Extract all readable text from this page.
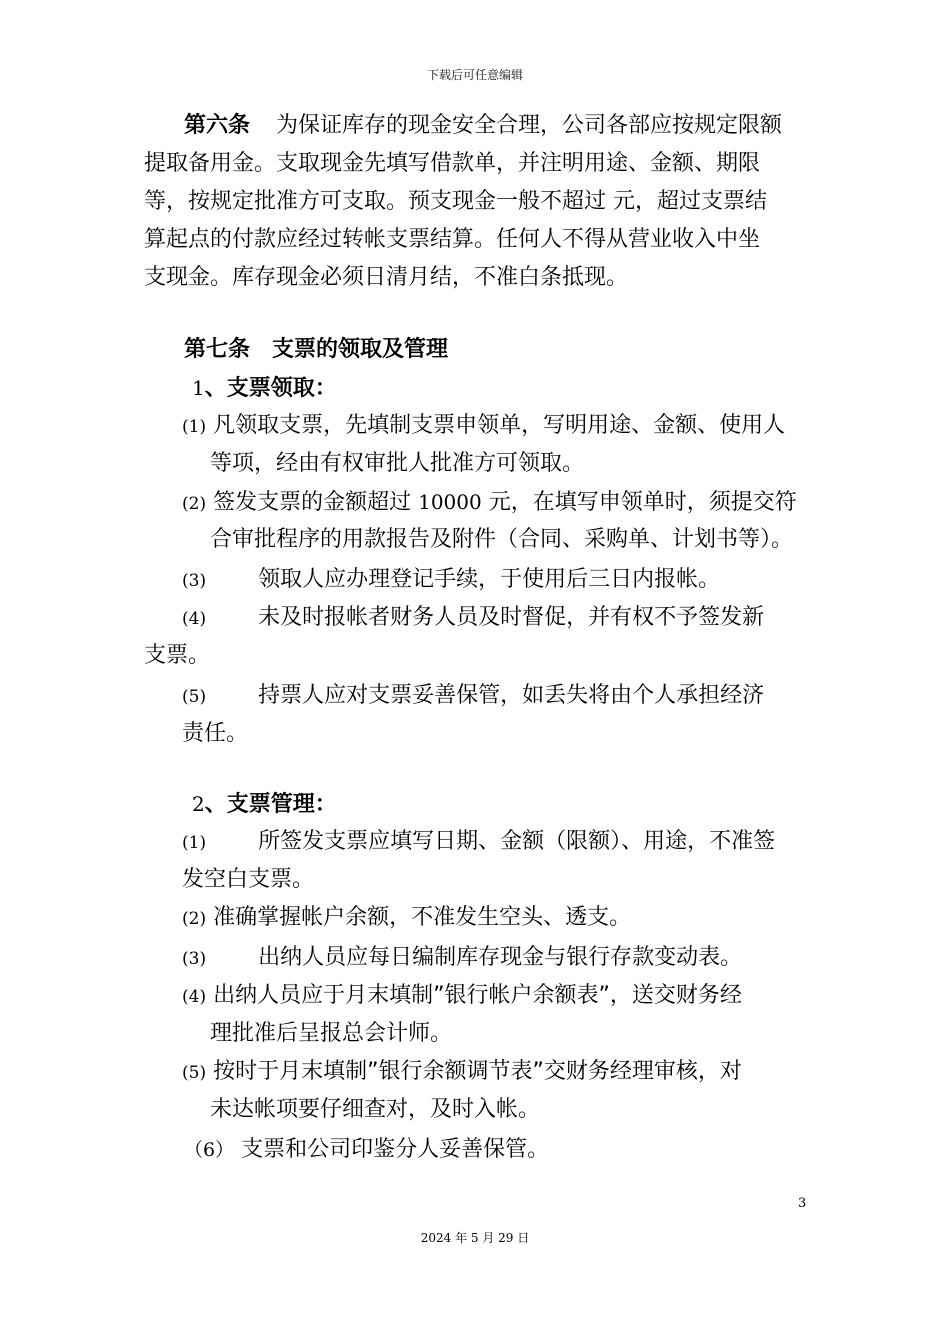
下载后可任意编辑
第六条 为保证库存的现金安全合理，公司各部应按规定限额
提取备用金。支取现金先填写借款单，并注明用途、金额、期限
等，按规定批准方可支取。预支现金一般不超过 元，超过支票结
算起点的付款应经过转帐支票结算。任何人不得从营业收入中坐
支现金。库存现金必须日清月结，不准白条抵现。
第七条　支票的领取及管理
1、支票领取：
(1) 凡领取支票，先填制支票申领单，写明用途、金额、使用人
等项，经由有权审批人批准方可领取。
(2) 签发支票的金额超过 10000 元，在填写申领单时，须提交符
合审批程序的用款报告及附件（合同、采购单、计划书等）。
(3) 领取人应办理登记手续，于使用后三日内报帐。
(4) 未及时报帐者财务人员及时督促，并有权不予签发新
支票。
(5) 持票人应对支票妥善保管，如丢失将由个人承担经济
责任。
2、支票管理：
(1) 所签发支票应填写日期、金额（限额）、用途，不准签
发空白支票。
(2) 准确掌握帐户余额，不准发生空头、透支。
(3) 出纳人员应每日编制库存现金与银行存款变动表。
(4) 出纳人员应于月末填制”银行帐户余额表”，送交财务经
理批准后呈报总会计师。
(5) 按时于月末填制”银行余额调节表”交财务经理审核，对
未达帐项要仔细查对，及时入帐。
（6） 支票和公司印鉴分人妥善保管。
3
2024 年 5 月 29 日
